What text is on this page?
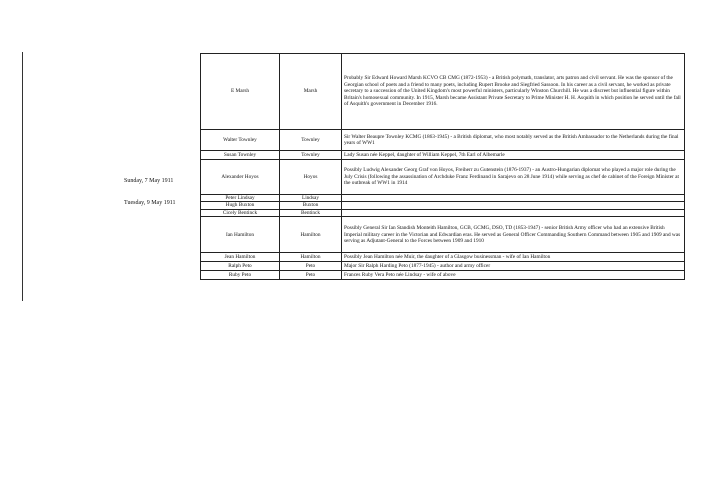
Sunday, 7 May 1911
Tuesday, 9 May 1911
E Marsh	Marsh	Probably Sir Edward Howard Marsh KCVO CB CMG (1872-1953) - a British polymath, translator, arts patron and civil servant. He was the sponsor of the Georgian school of poets and a friend to many poets, including Rupert Brooke and Siegfried Sassoon. In his career as a civil servant, he worked as private secretary to a succession of the United Kingdom's most powerful ministers, particularly Winston Churchill. He was a discreet but influential figure within Britain's homosexual community. In 1915, Marsh became Assistant Private Secretary to Prime Minister H. H. Asquith in which position he served until the fall of Asquith's government in December 1916.
Walter Townley	Townley	Sir Walter Beaupre Townley KCMG (1863-1945) - a British diplomat, who most notably served as the British Ambassador to the Netherlands during the final years of WW1
Susan Townley	Townley	Lady Susan née Keppel, daughter of William Keppel, 7th Earl of Albemarle
Alexander Hoyos	Hoyos	Possibly Ludwig Alexander Georg Graf von Hoyos, Freiherr zu Gutenstein (1876-1937) - an Austro-Hungarian diplomat who played a major role during the July Crisis (following the assassination of Archduke Franz Ferdinand in Sarajevo on 28 June 1914) while serving as chef de cabinet of the Foreign Minister at the outbreak of WW1 in 1914
Peter Lindsay	Lindsay	
Hugh Buxton	Buxton	
Cicely Bentinck	Bentinck	
Ian Hamilton	Hamilton	Possibly General Sir Ian Standish Monteith Hamilton, GCB, GCMG, DSO, TD (1853-1947) - senior British Army officer who had an extensive British Imperial military career in the Victorian and Edwardian eras. He served as General Officer Commanding Southern Command between 1905 and 1909 and was serving as Adjutant-General to the Forces between 1909 and 1910
Jean Hamilton	Hamilton	Possibly Jean Hamilton née Muir, the daughter of a Glasgow businessman - wife of Ian Hamilton
Ralph Peto	Peto	Major Sir Ralph Harding Peto (1877-1945) - author and army officer
Ruby Peto	Peto	Frances Ruby Vera Peto née Lindsay - wife of above
